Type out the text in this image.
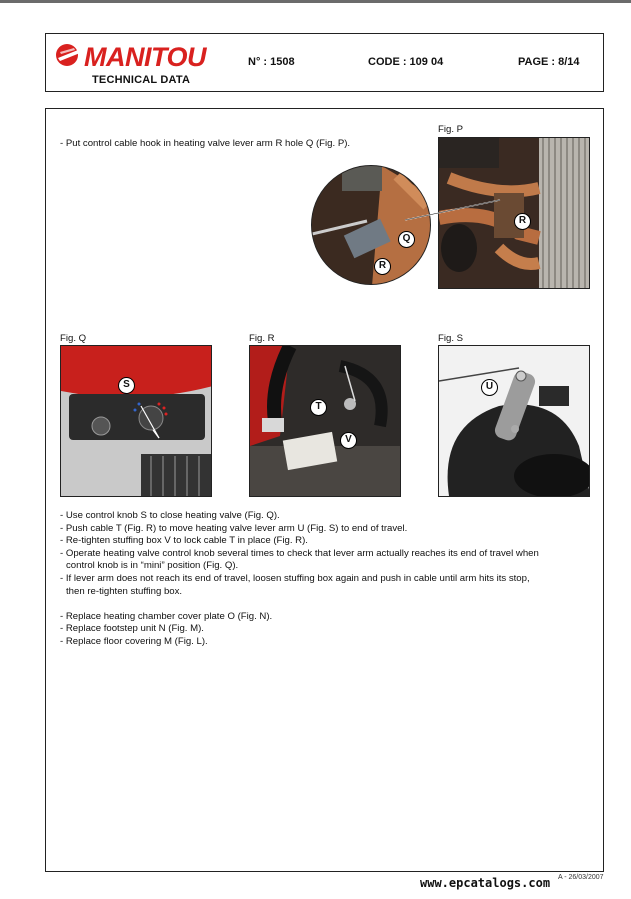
MANITOU
TECHNICAL DATA
N° : 1508	CODE : 109 04	PAGE : 8/14
- Put control cable hook in heating valve lever arm R hole Q (Fig. P).
Fig. P
R
Q
R
Fig. Q
S
Fig. R
T
V
Fig. S
U
- Use control knob S to close heating valve (Fig. Q).
- Push cable T (Fig. R) to move heating valve lever arm U (Fig. S) to end of travel.
- Re-tighten stuffing box V to lock cable T in place (Fig. R).
- Operate heating valve control knob several times to check that lever arm actually reaches its end of travel when
control knob is in “mini” position (Fig. Q).
- If lever arm does not reach its end of travel, loosen stuffing box again and push in cable until arm hits its stop,
then re-tighten stuffing box.
- Replace heating chamber cover plate O (Fig. N).
- Replace footstep unit N (Fig. M).
- Replace floor covering M (Fig. L).
A - 26/03/2007
www.epcatalogs.com
